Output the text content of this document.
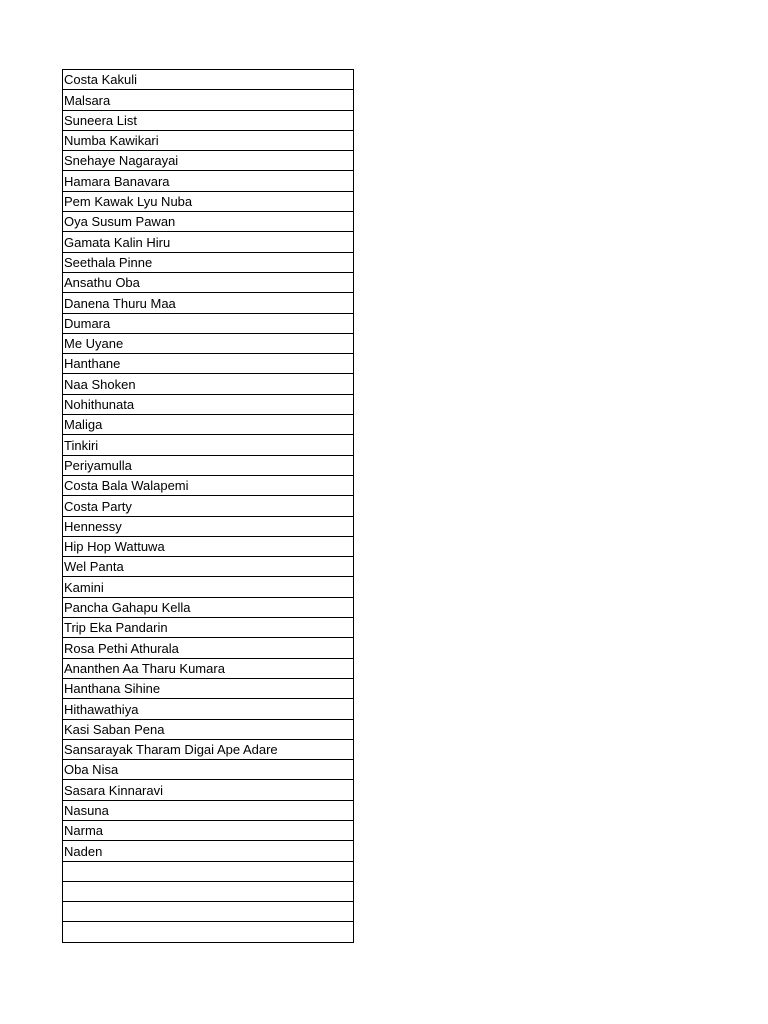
Costa Kakuli
Malsara
Suneera List
Numba Kawikari
Snehaye Nagarayai
Hamara Banavara
Pem Kawak Lyu Nuba
Oya Susum Pawan
Gamata Kalin Hiru
Seethala Pinne
Ansathu Oba
Danena Thuru Maa
Dumara
Me Uyane
Hanthane
Naa Shoken
Nohithunata
Maliga
Tinkiri
Periyamulla
Costa Bala Walapemi
Costa Party
Hennessy
Hip Hop Wattuwa
Wel Panta
Kamini
Pancha Gahapu Kella
Trip Eka Pandarin
Rosa Pethi Athurala
Ananthen Aa Tharu Kumara
Hanthana Sihine
Hithawathiya
Kasi Saban Pena
Sansarayak Tharam Digai Ape Adare
Oba Nisa
Sasara Kinnaravi
Nasuna
Narma
Naden
